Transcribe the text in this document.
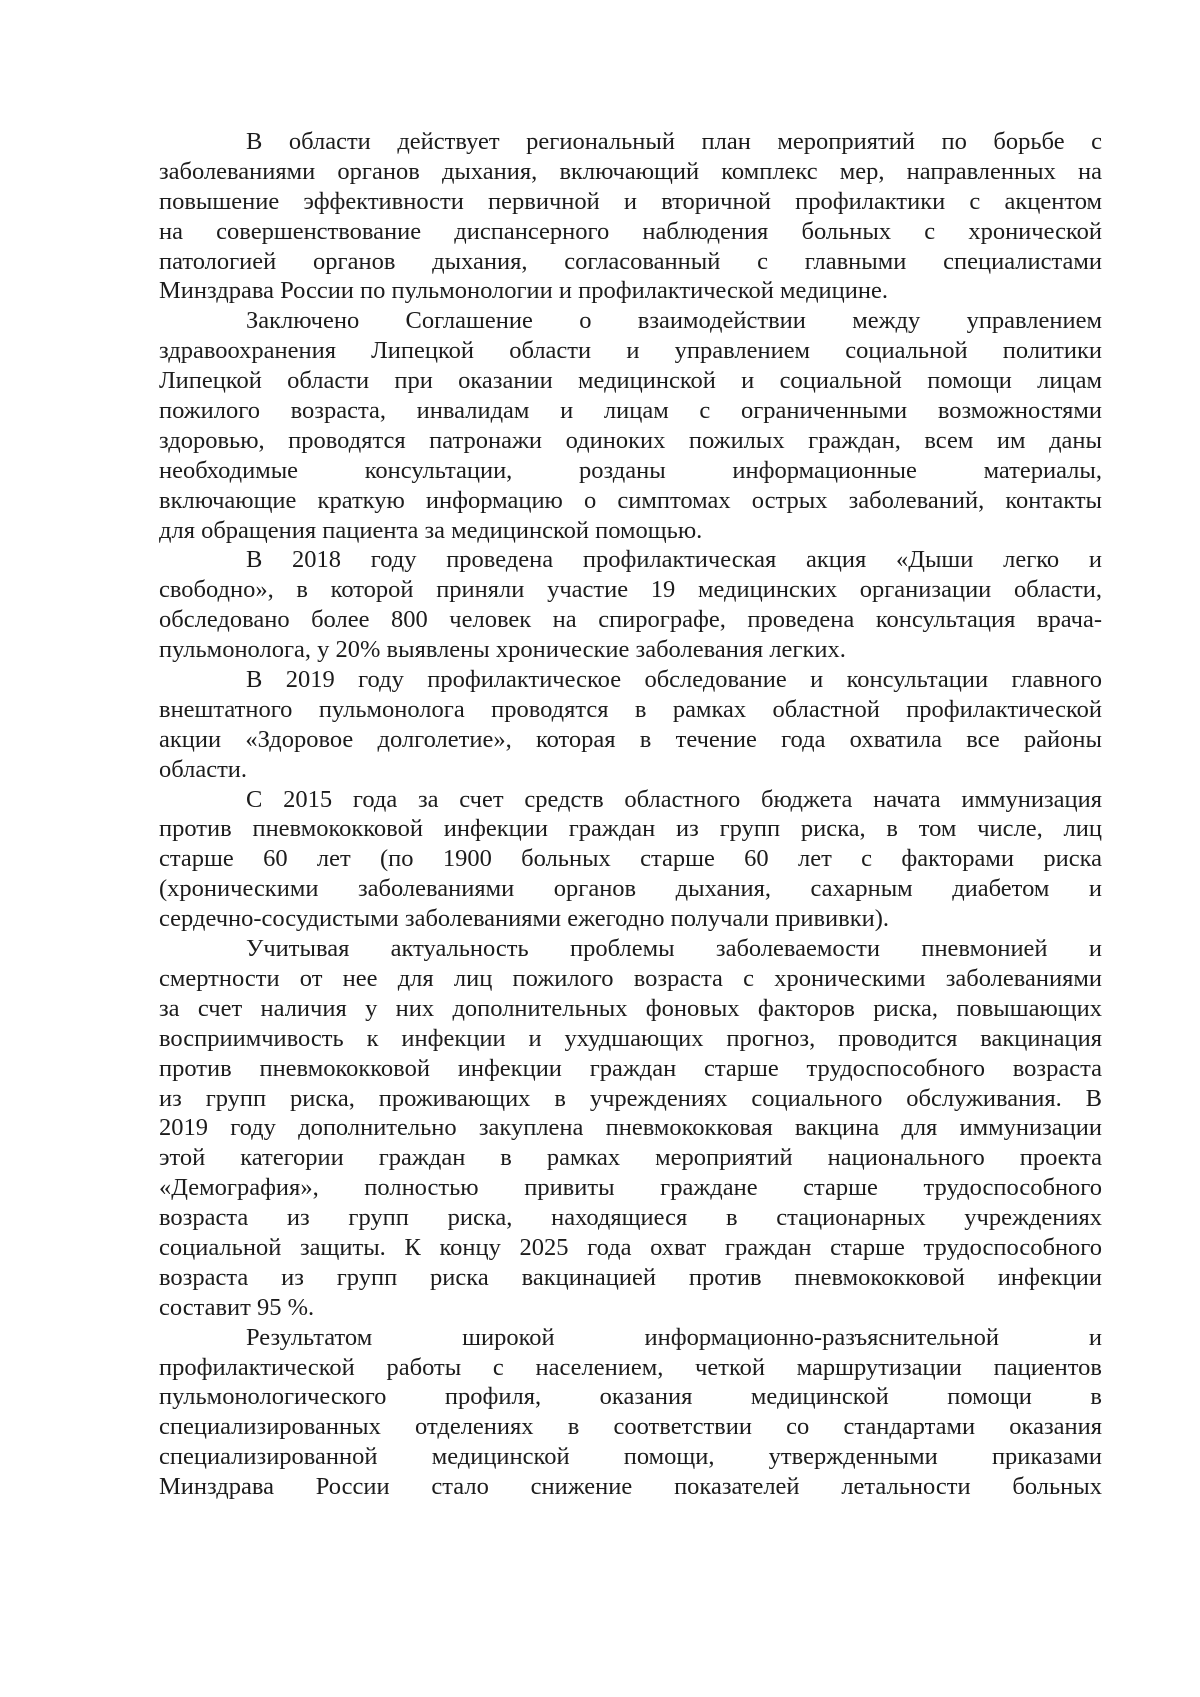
В области действует региональный план мероприятий по борьбе с
заболеваниями органов дыхания, включающий комплекс мер, направленных на
повышение эффективности первичной и вторичной профилактики с акцентом
на совершенствование диспансерного наблюдения больных с хронической
патологией органов дыхания, согласованный с главными специалистами
Минздрава России по пульмонологии и профилактической медицине.
Заключено Соглашение о взаимодействии между управлением
здравоохранения Липецкой области и управлением социальной политики
Липецкой области при оказании медицинской и социальной помощи лицам
пожилого возраста, инвалидам и лицам с ограниченными возможностями
здоровью, проводятся патронажи одиноких пожилых граждан, всем им даны
необходимые консультации, розданы информационные материалы,
включающие краткую информацию о симптомах острых заболеваний, контакты
для обращения пациента за медицинской помощью.
В 2018 году проведена профилактическая акция «Дыши легко и
свободно», в которой приняли участие 19 медицинских организации области,
обследовано более 800 человек на спирографе, проведена консультация врача-
пульмонолога, у 20% выявлены хронические заболевания легких.
В 2019 году профилактическое обследование и консультации главного
внештатного пульмонолога проводятся в рамках областной профилактической
акции «Здоровое долголетие», которая в течение года охватила все районы
области.
С 2015 года за счет средств областного бюджета начата иммунизация
против пневмококковой инфекции граждан из групп риска, в том числе, лиц
старше 60 лет (по 1900 больных старше 60 лет с факторами риска
(хроническими заболеваниями органов дыхания, сахарным диабетом и
сердечно-сосудистыми заболеваниями ежегодно получали прививки).
Учитывая актуальность проблемы заболеваемости пневмонией и
смертности от нее для лиц пожилого возраста с хроническими заболеваниями
за счет наличия у них дополнительных фоновых факторов риска, повышающих
восприимчивость к инфекции и ухудшающих прогноз, проводится вакцинация
против пневмококковой инфекции граждан старше трудоспособного возраста
из групп риска, проживающих в учреждениях социального обслуживания. В
2019 году дополнительно закуплена пневмококковая вакцина для иммунизации
этой категории граждан в рамках мероприятий национального проекта
«Демография», полностью привиты граждане старше трудоспособного
возраста из групп риска, находящиеся в стационарных учреждениях
социальной защиты. К концу 2025 года охват граждан старше трудоспособного
возраста из групп риска вакцинацией против пневмококковой инфекции
составит 95 %.
Результатом широкой информационно-разъяснительной и
профилактической работы с населением, четкой маршрутизации пациентов
пульмонологического профиля, оказания медицинской помощи в
специализированных отделениях в соответствии со стандартами оказания
специализированной медицинской помощи, утвержденными приказами
Минздрава России стало снижение показателей летальности больных
